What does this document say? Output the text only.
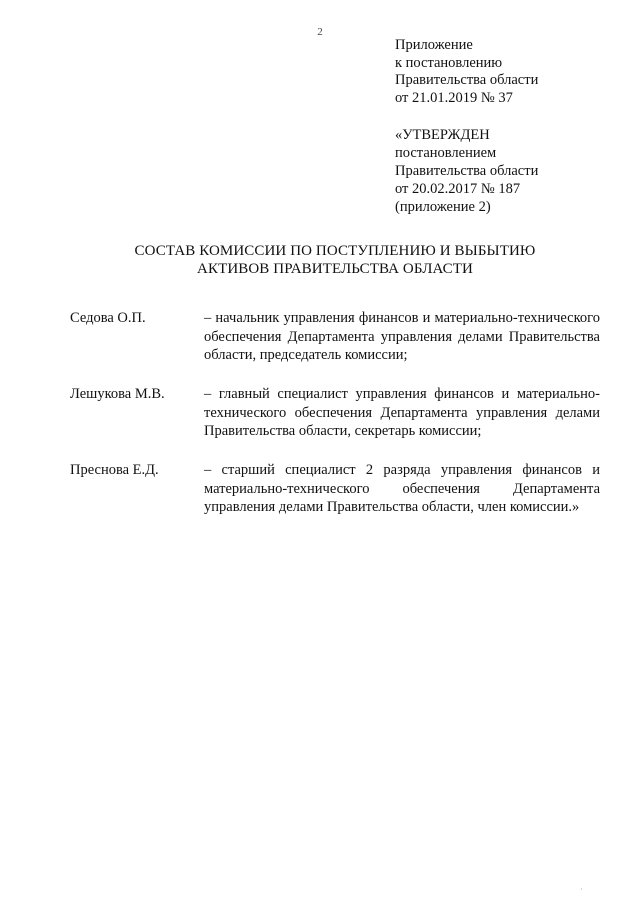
2
Приложение
к постановлению
Правительства области
от 21.01.2019 № 37
«УТВЕРЖДЕН
постановлением
Правительства области
от 20.02.2017 № 187
(приложение 2)
СОСТАВ КОМИССИИ ПО ПОСТУПЛЕНИЮ И ВЫБЫТИЮ
АКТИВОВ ПРАВИТЕЛЬСТВА ОБЛАСТИ
Седова О.П.	– начальник управления финансов и материально-технического обеспечения Департамента управления делами Правительства области, председатель комиссии;
Лешукова М.В.	– главный специалист управления финансов и материально-технического обеспечения Департамента управления делами Правительства области, секретарь комиссии;
Преснова Е.Д.	– старший специалист 2 разряда управления финансов и материально-технического обеспечения Департамента управления делами Правительства области, член комиссии.»
·
